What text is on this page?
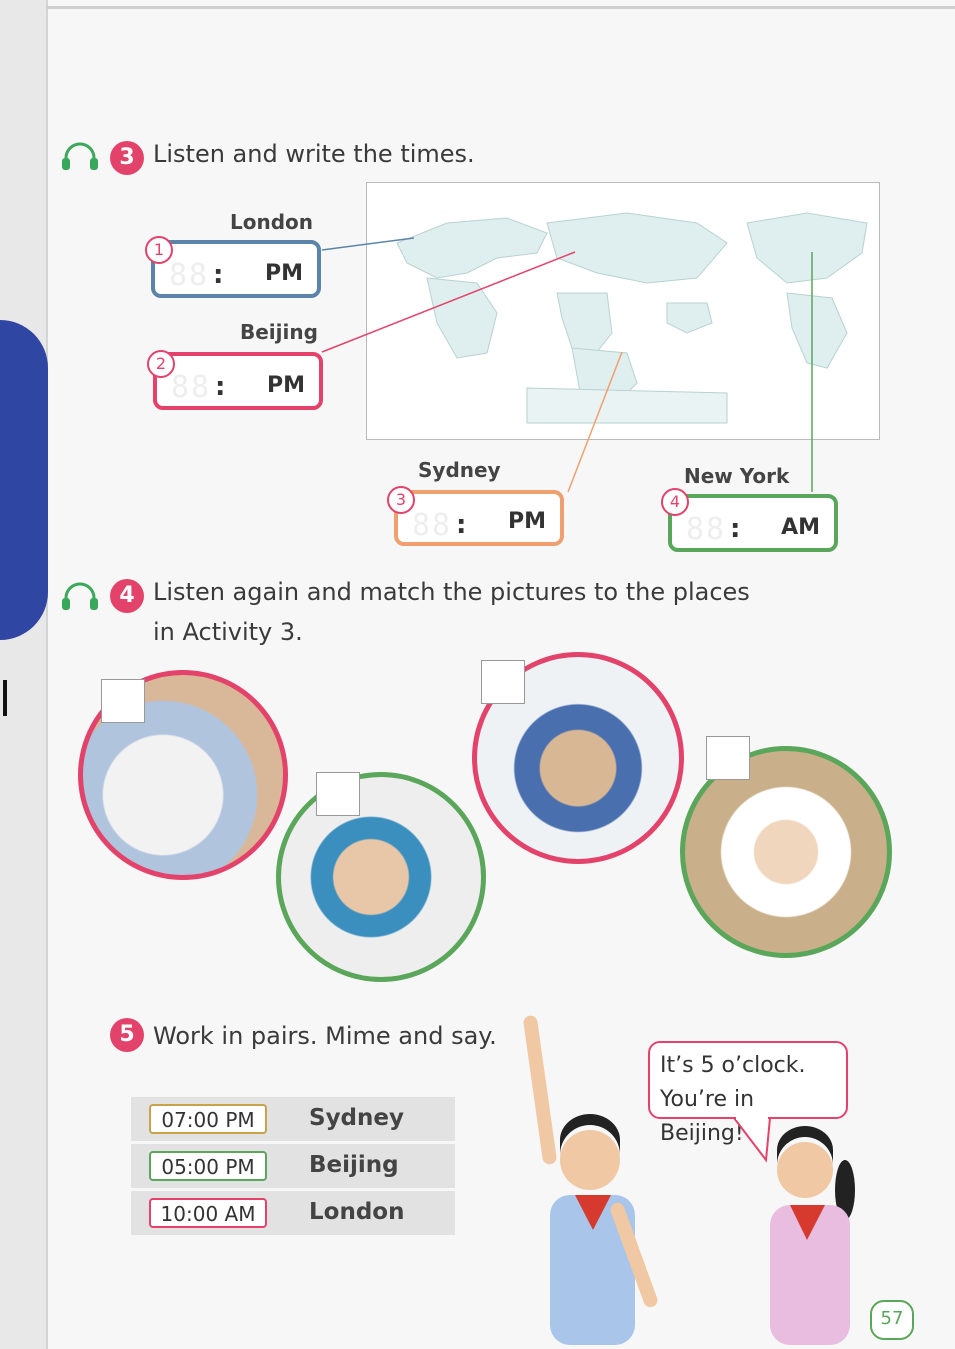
3 Listen and write the times.
London
88 : PM
1
Beijing
88 : PM
2
Sydney
88 : PM
3
New York
88 : AM
4
4 Listen again and match the pictures to the places
in Activity 3.
5 Work in pairs. Mime and say.
07:00 PM	Sydney
05:00 PM	Beijing
10:00 AM	London
It’s 5 o’clock.
You’re in Beijing!
57
